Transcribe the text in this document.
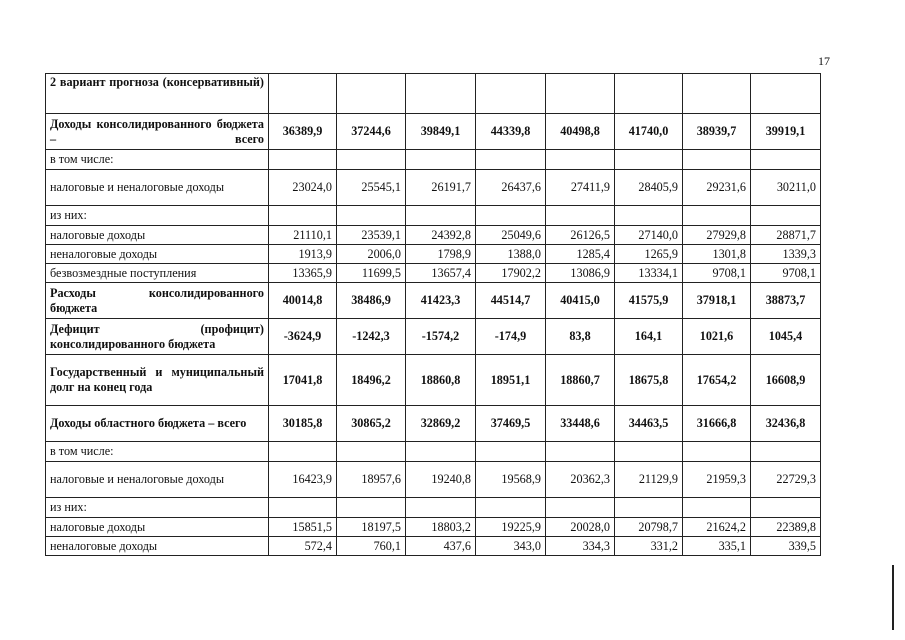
17
2 вариант прогноза (консервативный)								
Доходы консолидированного бюджета – всего	36389,9	37244,6	39849,1	44339,8	40498,8	41740,0	38939,7	39919,1
в том числе:								
налоговые и неналоговые доходы	23024,0	25545,1	26191,7	26437,6	27411,9	28405,9	29231,6	30211,0
из них:								
налоговые доходы	21110,1	23539,1	24392,8	25049,6	26126,5	27140,0	27929,8	28871,7
неналоговые доходы	1913,9	2006,0	1798,9	1388,0	1285,4	1265,9	1301,8	1339,3
безвозмездные поступления	13365,9	11699,5	13657,4	17902,2	13086,9	13334,1	9708,1	9708,1
Расходы консолидированного бюджета	40014,8	38486,9	41423,3	44514,7	40415,0	41575,9	37918,1	38873,7
Дефицит (профицит) консолидированного бюджета	-3624,9	-1242,3	-1574,2	-174,9	83,8	164,1	1021,6	1045,4
Государственный и муниципальный долг на конец года	17041,8	18496,2	18860,8	18951,1	18860,7	18675,8	17654,2	16608,9
Доходы областного бюджета – всего	30185,8	30865,2	32869,2	37469,5	33448,6	34463,5	31666,8	32436,8
в том числе:								
налоговые и неналоговые доходы	16423,9	18957,6	19240,8	19568,9	20362,3	21129,9	21959,3	22729,3
из них:								
налоговые доходы	15851,5	18197,5	18803,2	19225,9	20028,0	20798,7	21624,2	22389,8
неналоговые доходы	572,4	760,1	437,6	343,0	334,3	331,2	335,1	339,5
